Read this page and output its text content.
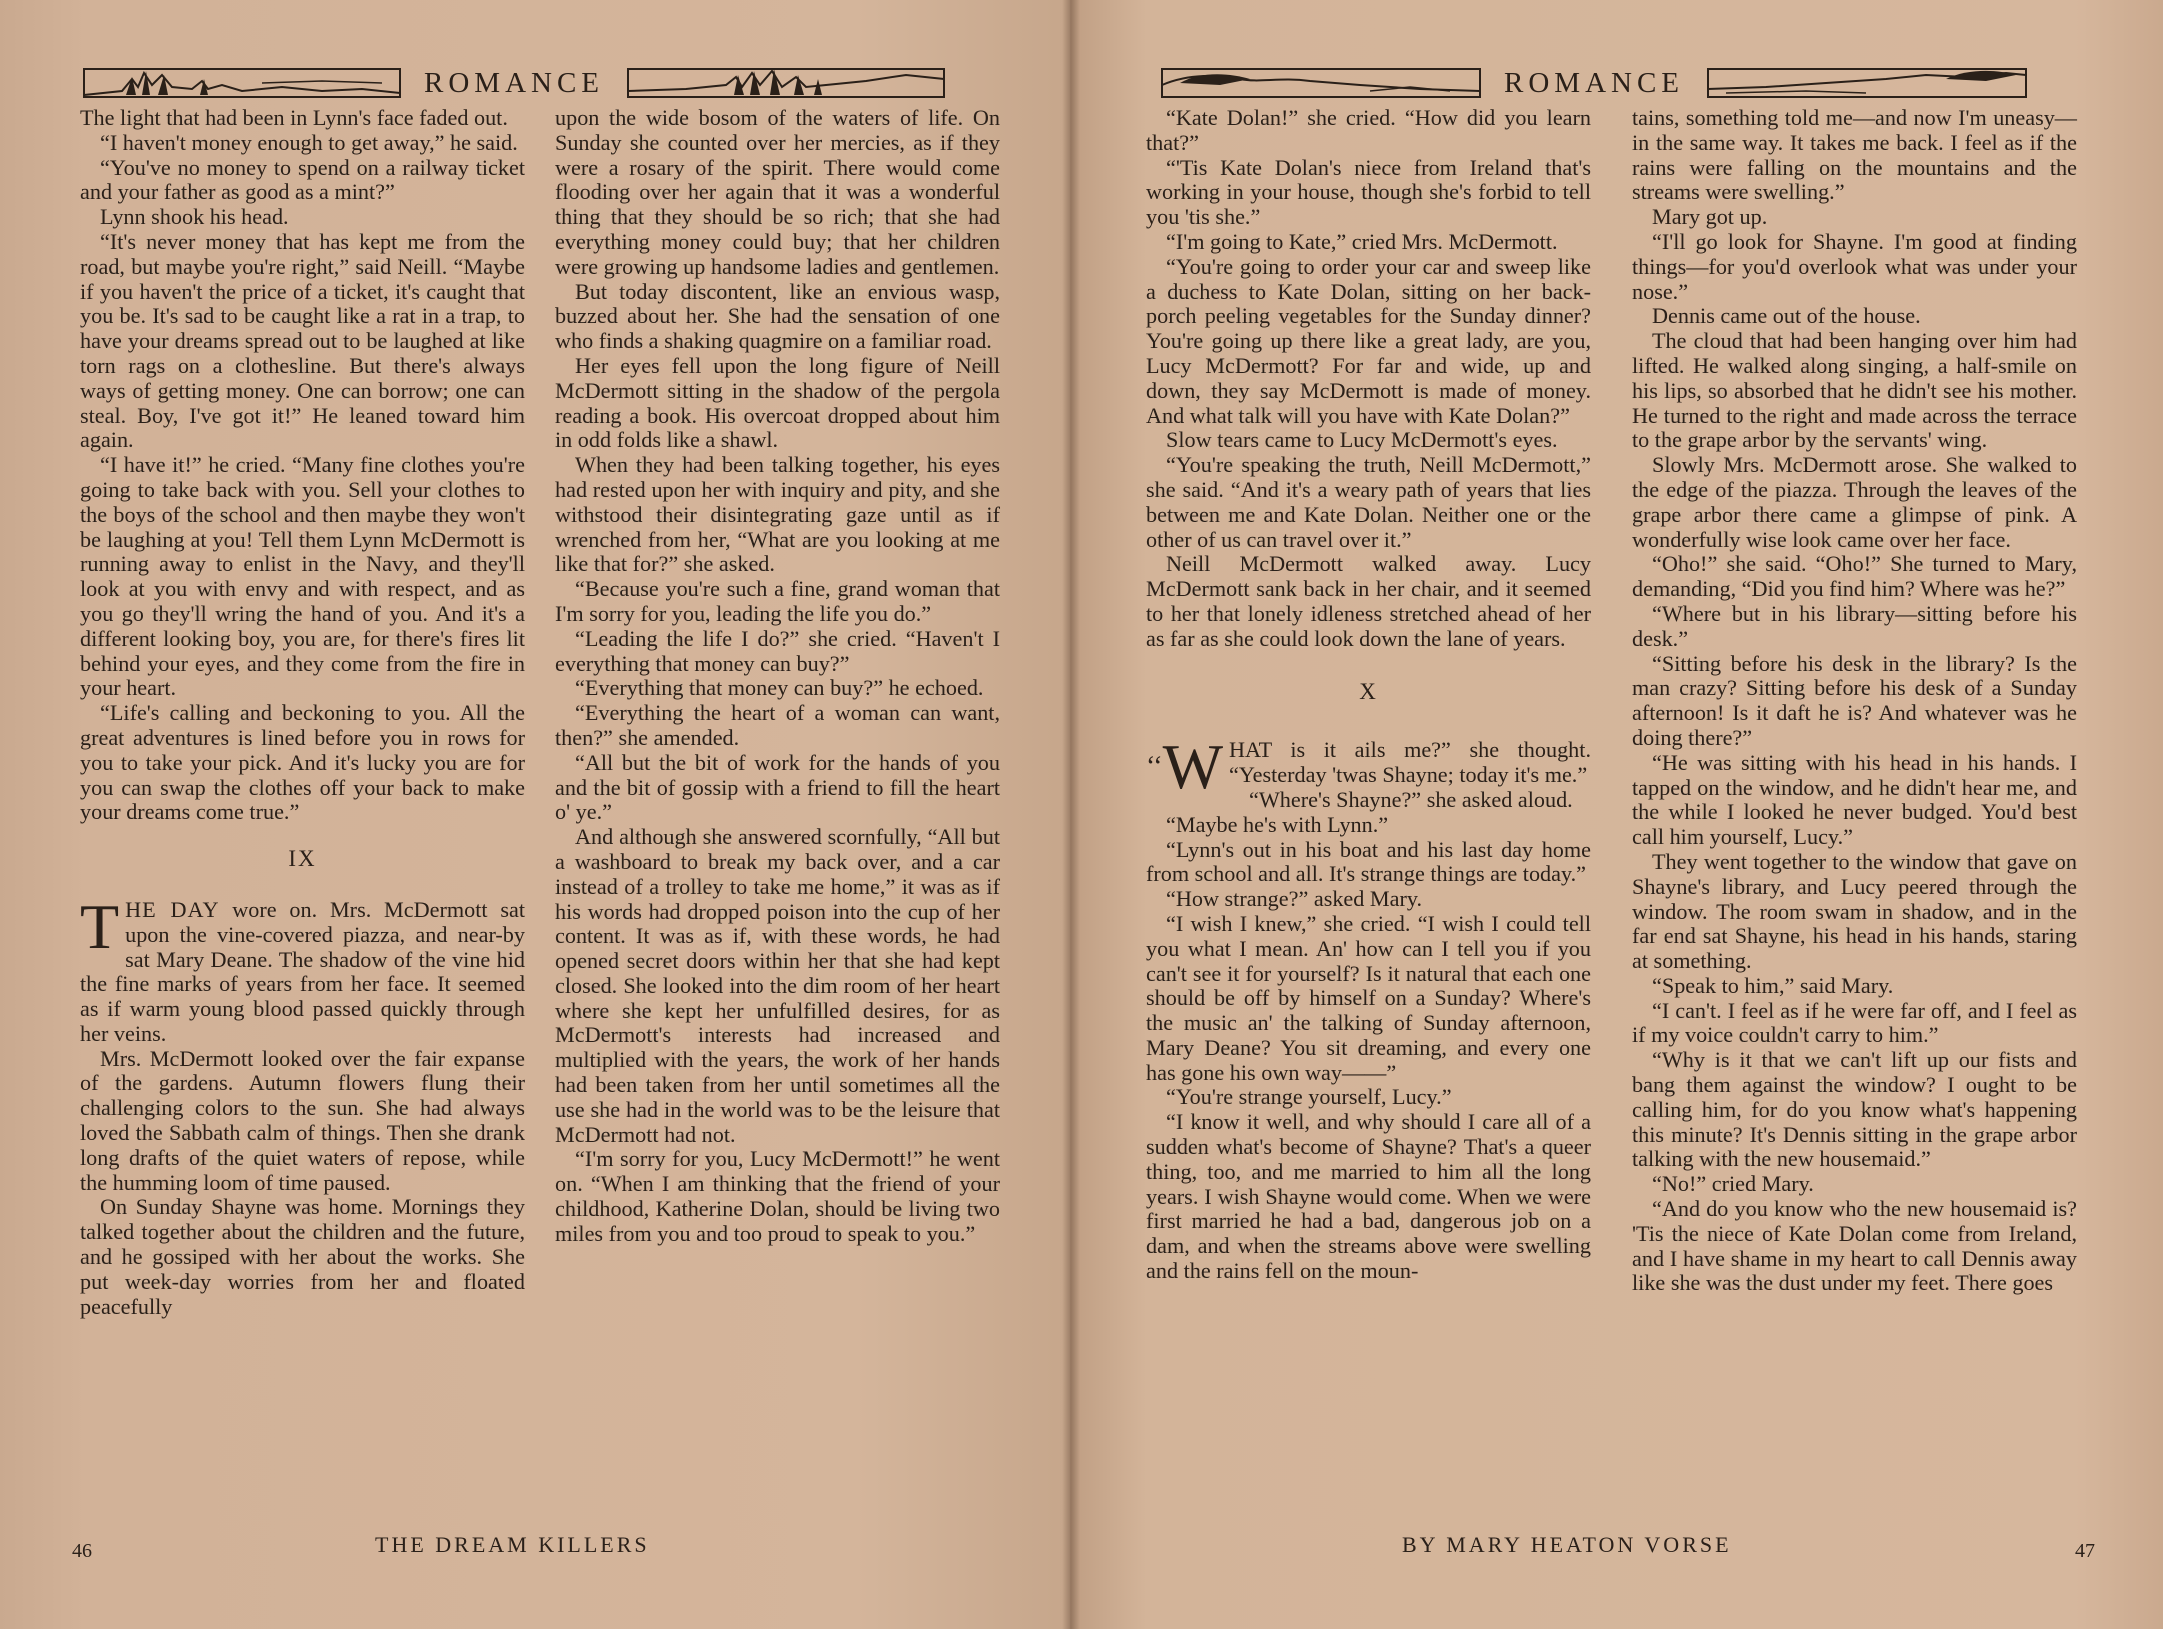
ROMANCE

The light that had been in Lynn's face faded out.

“I haven't money enough to get away,” he said.

“You've no money to spend on a railway ticket and your father as good as a mint?”

Lynn shook his head.

“It's never money that has kept me from the road, but maybe you're right,” said Neill. “Maybe if you haven't the price of a ticket, it's caught that you be. It's sad to be caught like a rat in a trap, to have your dreams spread out to be laughed at like torn rags on a clothesline. But there's always ways of getting money. One can borrow; one can steal. Boy, I've got it!” He leaned toward him again.

“I have it!” he cried. “Many fine clothes you're going to take back with you. Sell your clothes to the boys of the school and then maybe they won't be laughing at you! Tell them Lynn McDermott is running away to enlist in the Navy, and they'll look at you with envy and with respect, and as you go they'll wring the hand of you. And it's a different looking boy, you are, for there's fires lit behind your eyes, and they come from the fire in your heart.

“Life's calling and beckoning to you. All the great adventures is lined before you in rows for you to take your pick. And it's lucky you are for you can swap the clothes off your back to make your dreams come true.”

IX

THE DAY wore on. Mrs. McDermott sat upon the vine-covered piazza, and near-by sat Mary Deane. The shadow of the vine hid the fine marks of years from her face. It seemed as if warm young blood passed quickly through her veins.

Mrs. McDermott looked over the fair expanse of the gardens. Autumn flowers flung their challenging colors to the sun. She had always loved the Sabbath calm of things. Then she drank long drafts of the quiet waters of repose, while the humming loom of time paused.

On Sunday Shayne was home. Mornings they talked together about the children and the future, and he gossiped with her about the works. She put week-day worries from her and floated peacefully

upon the wide bosom of the waters of life. On Sunday she counted over her mercies, as if they were a rosary of the spirit. There would come flooding over her again that it was a wonderful thing that they should be so rich; that she had everything money could buy; that her children were growing up handsome ladies and gentlemen.

But today discontent, like an envious wasp, buzzed about her. She had the sensation of one who finds a shaking quagmire on a familiar road.

Her eyes fell upon the long figure of Neill McDermott sitting in the shadow of the pergola reading a book. His overcoat dropped about him in odd folds like a shawl.

When they had been talking together, his eyes had rested upon her with inquiry and pity, and she withstood their disintegrating gaze until as if wrenched from her, “What are you looking at me like that for?” she asked.

“Because you're such a fine, grand woman that I'm sorry for you, leading the life you do.”

“Leading the life I do?” she cried. “Haven't I everything that money can buy?”

“Everything that money can buy?” he echoed.

“Everything the heart of a woman can want, then?” she amended.

“All but the bit of work for the hands of you and the bit of gossip with a friend to fill the heart o' ye.”

And although she answered scornfully, “All but a washboard to break my back over, and a car instead of a trolley to take me home,” it was as if his words had dropped poison into the cup of her content. It was as if, with these words, he had opened secret doors within her that she had kept closed. She looked into the dim room of her heart where she kept her unfulfilled desires, for as McDermott's interests had increased and multiplied with the years, the work of her hands had been taken from her until sometimes all the use she had in the world was to be the leisure that McDermott had not.

“I'm sorry for you, Lucy McDermott!” he went on. “When I am thinking that the friend of your childhood, Katherine Dolan, should be living two miles from you and too proud to speak to you.”

46	THE DREAM KILLERS
ROMANCE

“Kate Dolan!” she cried. “How did you learn that?”

“'Tis Kate Dolan's niece from Ireland that's working in your house, though she's forbid to tell you 'tis she.”

“I'm going to Kate,” cried Mrs. McDermott.

“You're going to order your car and sweep like a duchess to Kate Dolan, sitting on her back-porch peeling vegetables for the Sunday dinner? You're going up there like a great lady, are you, Lucy McDermott? For far and wide, up and down, they say McDermott is made of money. And what talk will you have with Kate Dolan?”

Slow tears came to Lucy McDermott's eyes.

“You're speaking the truth, Neill McDermott,” she said. “And it's a weary path of years that lies between me and Kate Dolan. Neither one or the other of us can travel over it.”

Neill McDermott walked away. Lucy McDermott sank back in her chair, and it seemed to her that lonely idleness stretched ahead of her as far as she could look down the lane of years.

X

‘‘W HAT is it ails me?” she thought. “Yesterday 'twas Shayne; today it's me.”

“Where's Shayne?” she asked aloud.

“Maybe he's with Lynn.”

“Lynn's out in his boat and his last day home from school and all. It's strange things are today.”

“How strange?” asked Mary.

“I wish I knew,” she cried. “I wish I could tell you what I mean. An' how can I tell you if you can't see it for yourself? Is it natural that each one should be off by himself on a Sunday? Where's the music an' the talking of Sunday afternoon, Mary Deane? You sit dreaming, and every one has gone his own way——”

“You're strange yourself, Lucy.”

“I know it well, and why should I care all of a sudden what's become of Shayne? That's a queer thing, too, and me married to him all the long years. I wish Shayne would come. When we were first married he had a bad, dangerous job on a dam, and when the streams above were swelling and the rains fell on the moun-

tains, something told me—and now I'm uneasy—in the same way. It takes me back. I feel as if the rains were falling on the mountains and the streams were swelling.”

Mary got up.

“I'll go look for Shayne. I'm good at finding things—for you'd overlook what was under your nose.”

Dennis came out of the house.

The cloud that had been hanging over him had lifted. He walked along singing, a half-smile on his lips, so absorbed that he didn't see his mother. He turned to the right and made across the terrace to the grape arbor by the servants' wing.

Slowly Mrs. McDermott arose. She walked to the edge of the piazza. Through the leaves of the grape arbor there came a glimpse of pink. A wonderfully wise look came over her face.

“Oho!” she said. “Oho!” She turned to Mary, demanding, “Did you find him? Where was he?”

“Where but in his library—sitting before his desk.”

“Sitting before his desk in the library? Is the man crazy? Sitting before his desk of a Sunday afternoon! Is it daft he is? And whatever was he doing there?”

“He was sitting with his head in his hands. I tapped on the window, and he didn't hear me, and the while I looked he never budged. You'd best call him yourself, Lucy.”

They went together to the window that gave on Shayne's library, and Lucy peered through the window. The room swam in shadow, and in the far end sat Shayne, his head in his hands, staring at something.

“Speak to him,” said Mary.

“I can't. I feel as if he were far off, and I feel as if my voice couldn't carry to him.”

“Why is it that we can't lift up our fists and bang them against the window? I ought to be calling him, for do you know what's happening this minute? It's Dennis sitting in the grape arbor talking with the new housemaid.”

“No!” cried Mary.

“And do you know who the new housemaid is? 'Tis the niece of Kate Dolan come from Ireland, and I have shame in my heart to call Dennis away like she was the dust under my feet. There goes

BY MARY HEATON VORSE	47
